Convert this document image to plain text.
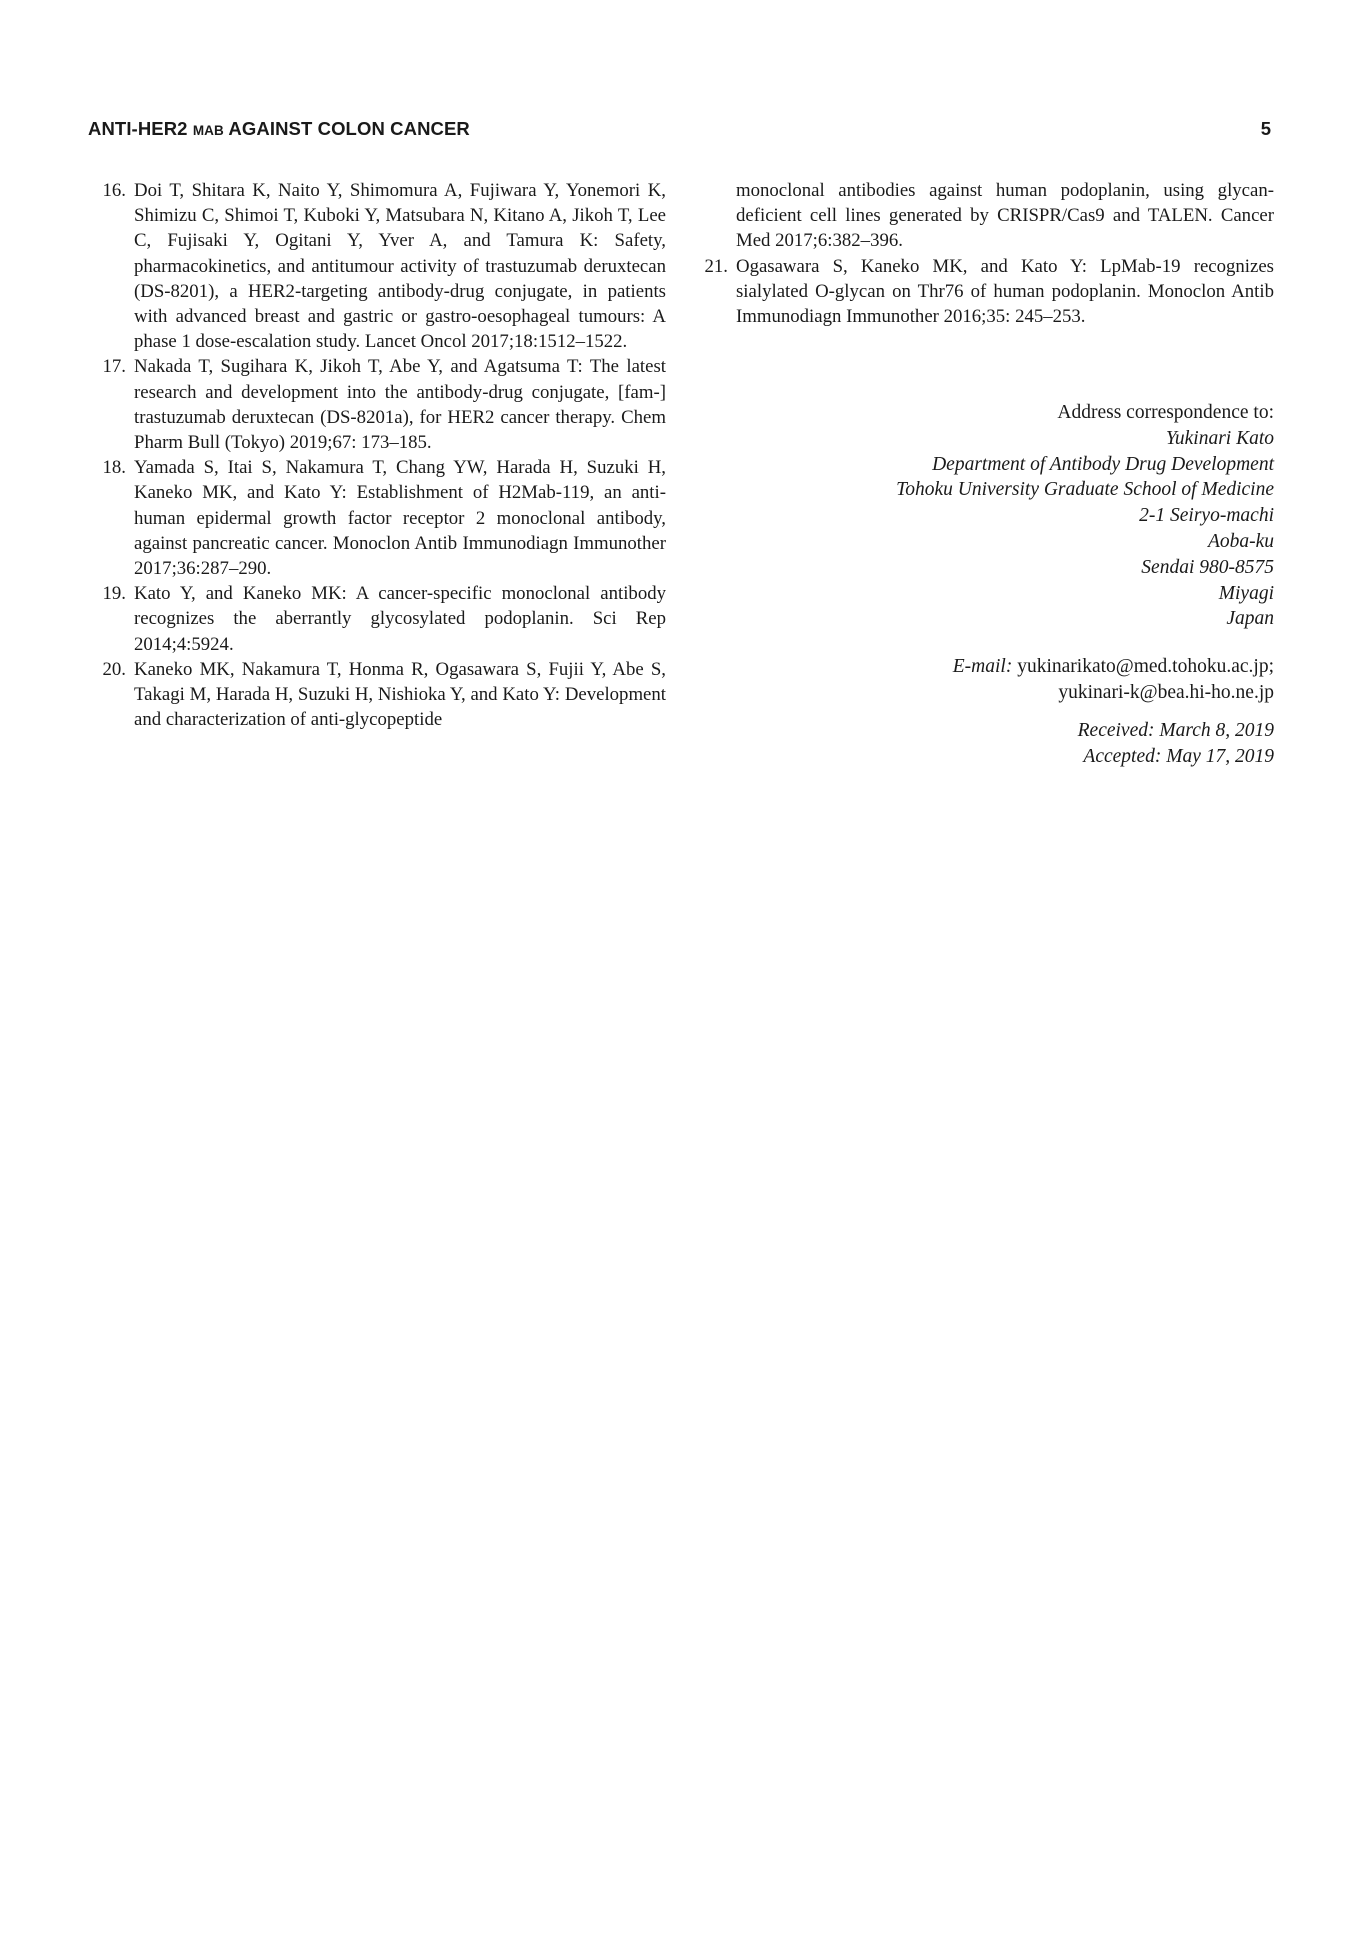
ANTI-HER2 MAB AGAINST COLON CANCER	5
16. Doi T, Shitara K, Naito Y, Shimomura A, Fujiwara Y, Yonemori K, Shimizu C, Shimoi T, Kuboki Y, Matsubara N, Kitano A, Jikoh T, Lee C, Fujisaki Y, Ogitani Y, Yver A, and Tamura K: Safety, pharmacokinetics, and antitumour activity of trastuzumab deruxtecan (DS-8201), a HER2-targeting antibody-drug conjugate, in patients with advanced breast and gastric or gastro-oesophageal tumours: A phase 1 dose-escalation study. Lancet Oncol 2017;18:1512–1522.
17. Nakada T, Sugihara K, Jikoh T, Abe Y, and Agatsuma T: The latest research and development into the antibody-drug conjugate, [fam-] trastuzumab deruxtecan (DS-8201a), for HER2 cancer therapy. Chem Pharm Bull (Tokyo) 2019;67: 173–185.
18. Yamada S, Itai S, Nakamura T, Chang YW, Harada H, Suzuki H, Kaneko MK, and Kato Y: Establishment of H2Mab-119, an anti-human epidermal growth factor receptor 2 monoclonal antibody, against pancreatic cancer. Monoclon Antib Immunodiagn Immunother 2017;36:287–290.
19. Kato Y, and Kaneko MK: A cancer-specific monoclonal antibody recognizes the aberrantly glycosylated podoplanin. Sci Rep 2014;4:5924.
20. Kaneko MK, Nakamura T, Honma R, Ogasawara S, Fujii Y, Abe S, Takagi M, Harada H, Suzuki H, Nishioka Y, and Kato Y: Development and characterization of anti-glycopeptide
monoclonal antibodies against human podoplanin, using glycan-deficient cell lines generated by CRISPR/Cas9 and TALEN. Cancer Med 2017;6:382–396.
21. Ogasawara S, Kaneko MK, and Kato Y: LpMab-19 recognizes sialylated O-glycan on Thr76 of human podoplanin. Monoclon Antib Immunodiagn Immunother 2016;35: 245–253.
Address correspondence to:
Yukinari Kato
Department of Antibody Drug Development
Tohoku University Graduate School of Medicine
2-1 Seiryo-machi
Aoba-ku
Sendai 980-8575
Miyagi
Japan
E-mail: yukinarikato@med.tohoku.ac.jp;
yukinari-k@bea.hi-ho.ne.jp
Received: March 8, 2019
Accepted: May 17, 2019
